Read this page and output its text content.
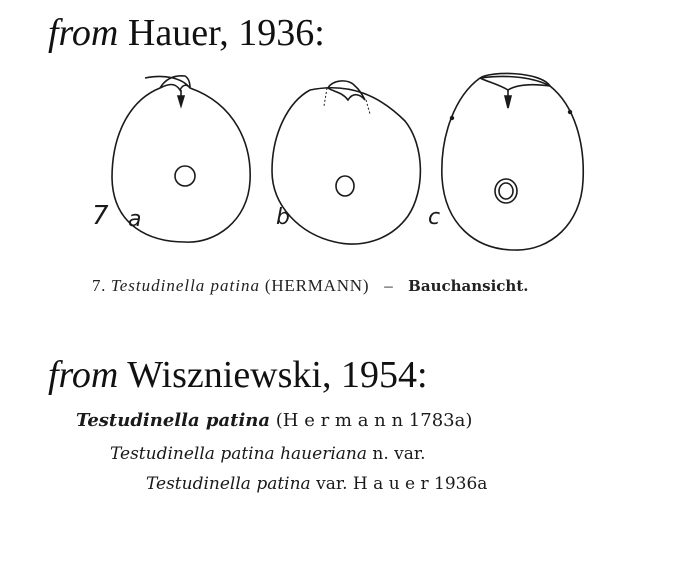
from Hauer, 1936:
7 a	b	c
7. Testudinella patina (HERMANN) – Bauchansicht.
from Wiszniewski, 1954:
Testudinella patina (H e r m a n n 1783a)
Testudinella patina haueriana n. var.
Testudinella patina var. H a u e r 1936a
